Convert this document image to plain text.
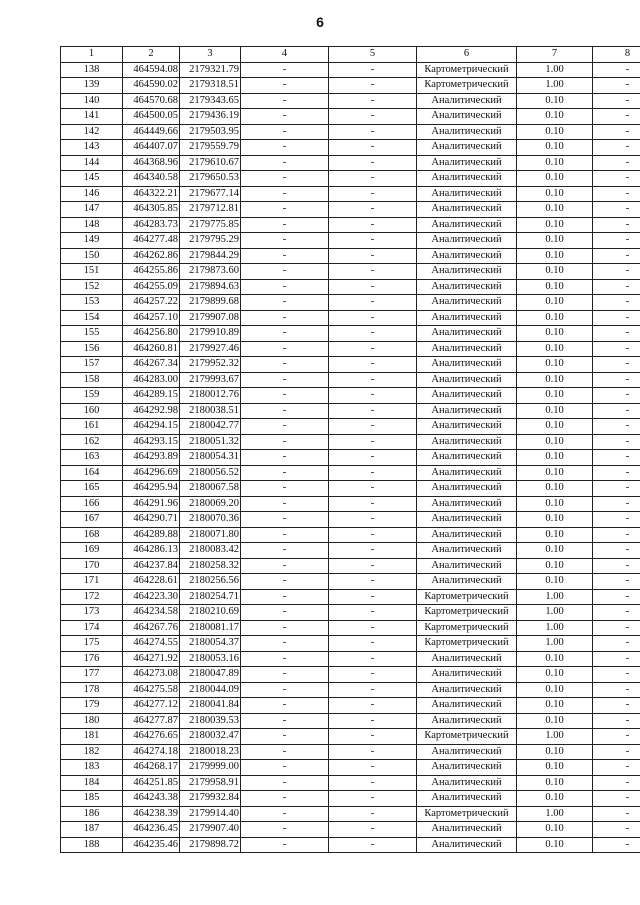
6
1	2	3	4	5	6	7	8
138	464594.08	2179321.79	-	-	Картометрический	1.00	-
139	464590.02	2179318.51	-	-	Картометрический	1.00	-
140	464570.68	2179343.65	-	-	Аналитический	0.10	-
141	464500.05	2179436.19	-	-	Аналитический	0.10	-
142	464449.66	2179503.95	-	-	Аналитический	0.10	-
143	464407.07	2179559.79	-	-	Аналитический	0.10	-
144	464368.96	2179610.67	-	-	Аналитический	0.10	-
145	464340.58	2179650.53	-	-	Аналитический	0.10	-
146	464322.21	2179677.14	-	-	Аналитический	0.10	-
147	464305.85	2179712.81	-	-	Аналитический	0.10	-
148	464283.73	2179775.85	-	-	Аналитический	0.10	-
149	464277.48	2179795.29	-	-	Аналитический	0.10	-
150	464262.86	2179844.29	-	-	Аналитический	0.10	-
151	464255.86	2179873.60	-	-	Аналитический	0.10	-
152	464255.09	2179894.63	-	-	Аналитический	0.10	-
153	464257.22	2179899.68	-	-	Аналитический	0.10	-
154	464257.10	2179907.08	-	-	Аналитический	0.10	-
155	464256.80	2179910.89	-	-	Аналитический	0.10	-
156	464260.81	2179927.46	-	-	Аналитический	0.10	-
157	464267.34	2179952.32	-	-	Аналитический	0.10	-
158	464283.00	2179993.67	-	-	Аналитический	0.10	-
159	464289.15	2180012.76	-	-	Аналитический	0.10	-
160	464292.98	2180038.51	-	-	Аналитический	0.10	-
161	464294.15	2180042.77	-	-	Аналитический	0.10	-
162	464293.15	2180051.32	-	-	Аналитический	0.10	-
163	464293.89	2180054.31	-	-	Аналитический	0.10	-
164	464296.69	2180056.52	-	-	Аналитический	0.10	-
165	464295.94	2180067.58	-	-	Аналитический	0.10	-
166	464291.96	2180069.20	-	-	Аналитический	0.10	-
167	464290.71	2180070.36	-	-	Аналитический	0.10	-
168	464289.88	2180071.80	-	-	Аналитический	0.10	-
169	464286.13	2180083.42	-	-	Аналитический	0.10	-
170	464237.84	2180258.32	-	-	Аналитический	0.10	-
171	464228.61	2180256.56	-	-	Аналитический	0.10	-
172	464223.30	2180254.71	-	-	Картометрический	1.00	-
173	464234.58	2180210.69	-	-	Картометрический	1.00	-
174	464267.76	2180081.17	-	-	Картометрический	1.00	-
175	464274.55	2180054.37	-	-	Картометрический	1.00	-
176	464271.92	2180053.16	-	-	Аналитический	0.10	-
177	464273.08	2180047.89	-	-	Аналитический	0.10	-
178	464275.58	2180044.09	-	-	Аналитический	0.10	-
179	464277.12	2180041.84	-	-	Аналитический	0.10	-
180	464277.87	2180039.53	-	-	Аналитический	0.10	-
181	464276.65	2180032.47	-	-	Картометрический	1.00	-
182	464274.18	2180018.23	-	-	Аналитический	0.10	-
183	464268.17	2179999.00	-	-	Аналитический	0.10	-
184	464251.85	2179958.91	-	-	Аналитический	0.10	-
185	464243.38	2179932.84	-	-	Аналитический	0.10	-
186	464238.39	2179914.40	-	-	Картометрический	1.00	-
187	464236.45	2179907.40	-	-	Аналитический	0.10	-
188	464235.46	2179898.72	-	-	Аналитический	0.10	-
